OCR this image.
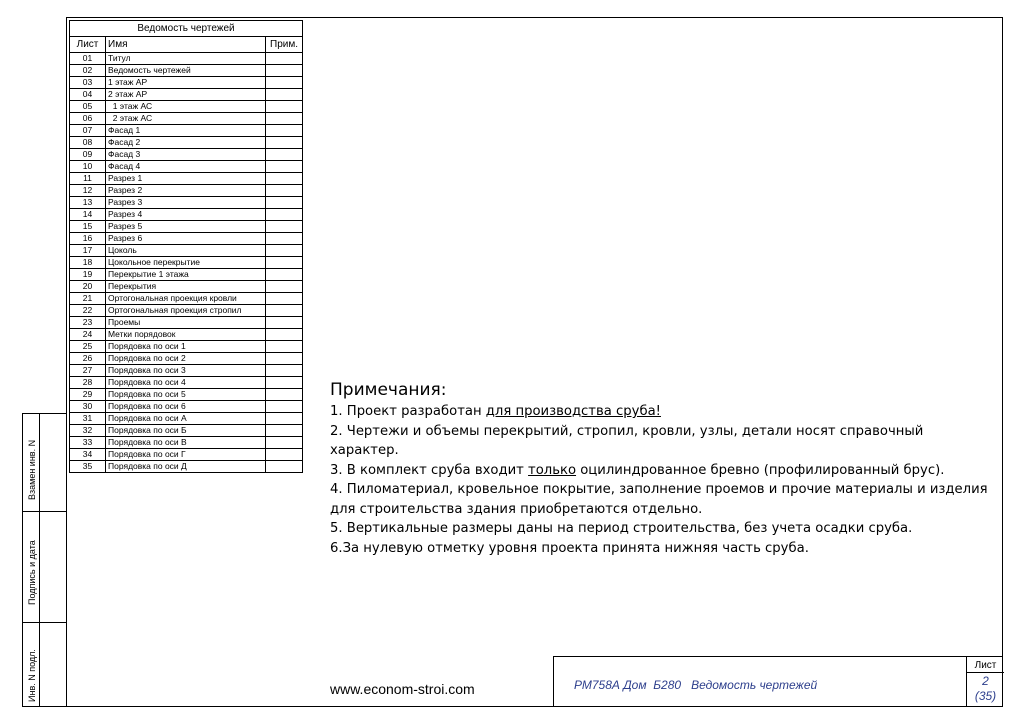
Взамен инв. N
Подпись и дата
Инв. N подл.
Ведомость чертежей		
Лист	Имя	Прим.
01	Титул	
02	Ведомость чертежей	
03	1 этаж АР	
04	2 этаж АР	
05	1 этаж АС	
06	2 этаж АС	
07	Фасад 1	
08	Фасад 2	
09	Фасад 3	
10	Фасад 4	
11	Разрез 1	
12	Разрез 2	
13	Разрез 3	
14	Разрез 4	
15	Разрез 5	
16	Разрез 6	
17	Цоколь	
18	Цокольное перекрытие	
19	Перекрытие 1 этажа	
20	Перекрытия	
21	Ортогональная проекция кровли	
22	Ортогональная проекция стропил	
23	Проемы	
24	Метки порядовок	
25	Порядовка по оси 1	
26	Порядовка по оси 2	
27	Порядовка по оси 3	
28	Порядовка по оси 4	
29	Порядовка по оси 5	
30	Порядовка по оси 6	
31	Порядовка по оси А	
32	Порядовка по оси Б	
33	Порядовка по оси В	
34	Порядовка по оси Г	
35	Порядовка по оси Д	
Примечания:
1. Проект разработан для производства сруба!
2. Чертежи и объемы перекрытий, стропил, кровли, узлы, детали носят справочный характер.
3. В комплект сруба входит только оцилиндрованное бревно (профилированный брус).
4. Пиломатериал, кровельное покрытие, заполнение проемов и прочие материалы и изделия
для строительства здания приобретаются отдельно.
5. Вертикальные размеры даны на период строительства, без учета осадки сруба.
6.За нулевую отметку уровня проекта принята нижняя часть сруба.
www.econom-stroi.com	РМ758А Дом  Б280   Ведомость чертежей
Лист
2
(35)
